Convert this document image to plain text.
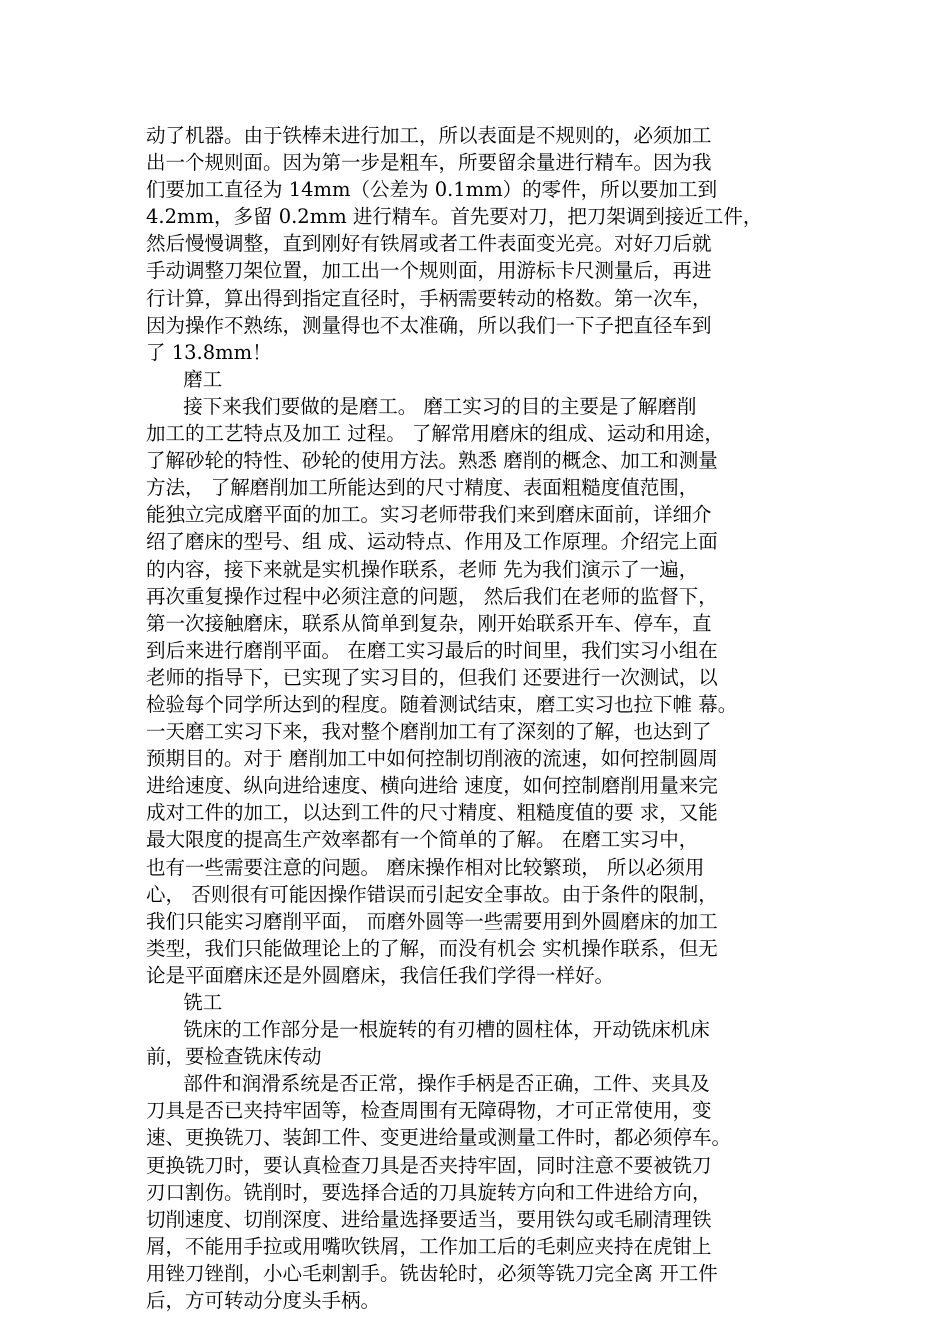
动了机器。由于铁棒未进行加工，所以表面是不规则的，必须加工
出一个规则面。因为第一步是粗车，所要留余量进行精车。因为我
们要加工直径为 14mm（公差为 0.1mm）的零件，所以要加工到
4.2mm，多留 0.2mm 进行精车。首先要对刀，把刀架调到接近工件，
然后慢慢调整，直到刚好有铁屑或者工件表面变光亮。对好刀后就
手动调整刀架位置，加工出一个规则面，用游标卡尺测量后，再进
行计算，算出得到指定直径时，手柄需要转动的格数。第一次车，
因为操作不熟练，测量得也不太准确，所以我们一下子把直径车到
了 13.8mm！
磨工
接下来我们要做的是磨工。 磨工实习的目的主要是了解磨削
加工的工艺特点及加工 过程。 了解常用磨床的组成、运动和用途，
了解砂轮的特性、砂轮的使用方法。熟悉 磨削的概念、加工和测量
方法， 了解磨削加工所能达到的尺寸精度、表面粗糙度值范围，
能独立完成磨平面的加工。实习老师带我们来到磨床面前，详细介
绍了磨床的型号、组 成、运动特点、作用及工作原理。介绍完上面
的内容，接下来就是实机操作联系，老师 先为我们演示了一遍，
再次重复操作过程中必须注意的问题， 然后我们在老师的监督下，
第一次接触磨床，联系从简单到复杂，刚开始联系开车、停车，直
到后来进行磨削平面。 在磨工实习最后的时间里，我们实习小组在
老师的指导下，已实现了实习目的，但我们 还要进行一次测试，以
检验每个同学所达到的程度。随着测试结束，磨工实习也拉下帷 幕。
一天磨工实习下来，我对整个磨削加工有了深刻的了解，也达到了
预期目的。对于 磨削加工中如何控制切削液的流速，如何控制圆周
进给速度、纵向进给速度、横向进给 速度，如何控制磨削用量来完
成对工件的加工，以达到工件的尺寸精度、粗糙度值的要 求，又能
最大限度的提高生产效率都有一个简单的了解。 在磨工实习中，
也有一些需要注意的问题。 磨床操作相对比较繁琐， 所以必须用
心， 否则很有可能因操作错误而引起安全事故。由于条件的限制，
我们只能实习磨削平面， 而磨外圆等一些需要用到外圆磨床的加工
类型，我们只能做理论上的了解，而没有机会 实机操作联系，但无
论是平面磨床还是外圆磨床，我信任我们学得一样好。
铣工
铣床的工作部分是一根旋转的有刃槽的圆柱体，开动铣床机床
前，要检查铣床传动
部件和润滑系统是否正常，操作手柄是否正确，工件、夹具及
刀具是否已夹持牢固等，检查周围有无障碍物，才可正常使用，变
速、更换铣刀、装卸工件、变更进给量或测量工件时，都必须停车。
更换铣刀时，要认真检查刀具是否夹持牢固，同时注意不要被铣刀
刃口割伤。铣削时，要选择合适的刀具旋转方向和工件进给方向，
切削速度、切削深度、进给量选择要适当，要用铁勾或毛刷清理铁
屑，不能用手拉或用嘴吹铁屑，工作加工后的毛刺应夹持在虎钳上
用锉刀锉削，小心毛刺割手。铣齿轮时，必须等铣刀完全离 开工件
后，方可转动分度头手柄。
